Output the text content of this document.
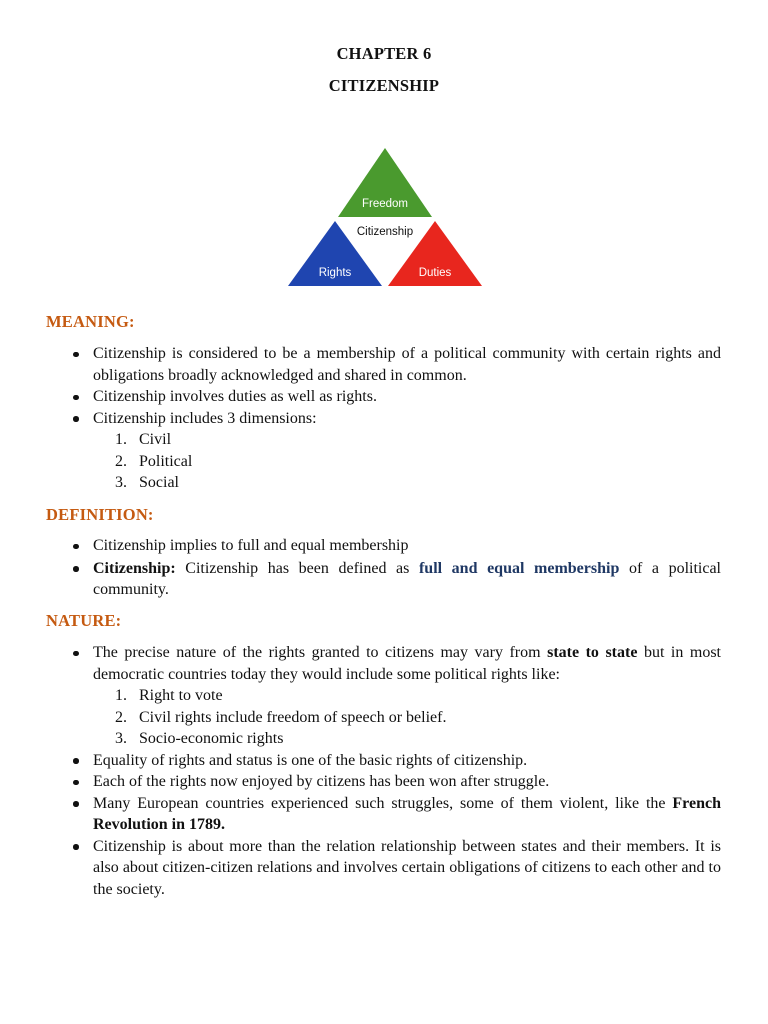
CHAPTER 6
CITIZENSHIP
Freedom
Citizenship
Rights	Duties
MEANING:
Citizenship is considered to be a membership of a political community with certain rights and obligations broadly acknowledged and shared in common.
Citizenship involves duties as well as rights.
Citizenship includes 3 dimensions:
1. Civil
2. Political
3. Social
DEFINITION:
Citizenship implies to full and equal membership
Citizenship: Citizenship has been defined as full and equal membership of a political community.
NATURE:
The precise nature of the rights granted to citizens may vary from state to state but in most democratic countries today they would include some political rights like:
1. Right to vote
2. Civil rights include freedom of speech or belief.
3. Socio-economic rights
Equality of rights and status is one of the basic rights of citizenship.
Each of the rights now enjoyed by citizens has been won after struggle.
Many European countries experienced such struggles, some of them violent, like the French Revolution in 1789.
Citizenship is about more than the relation relationship between states and their members. It is also about citizen-citizen relations and involves certain obligations of citizens to each other and to the society.
